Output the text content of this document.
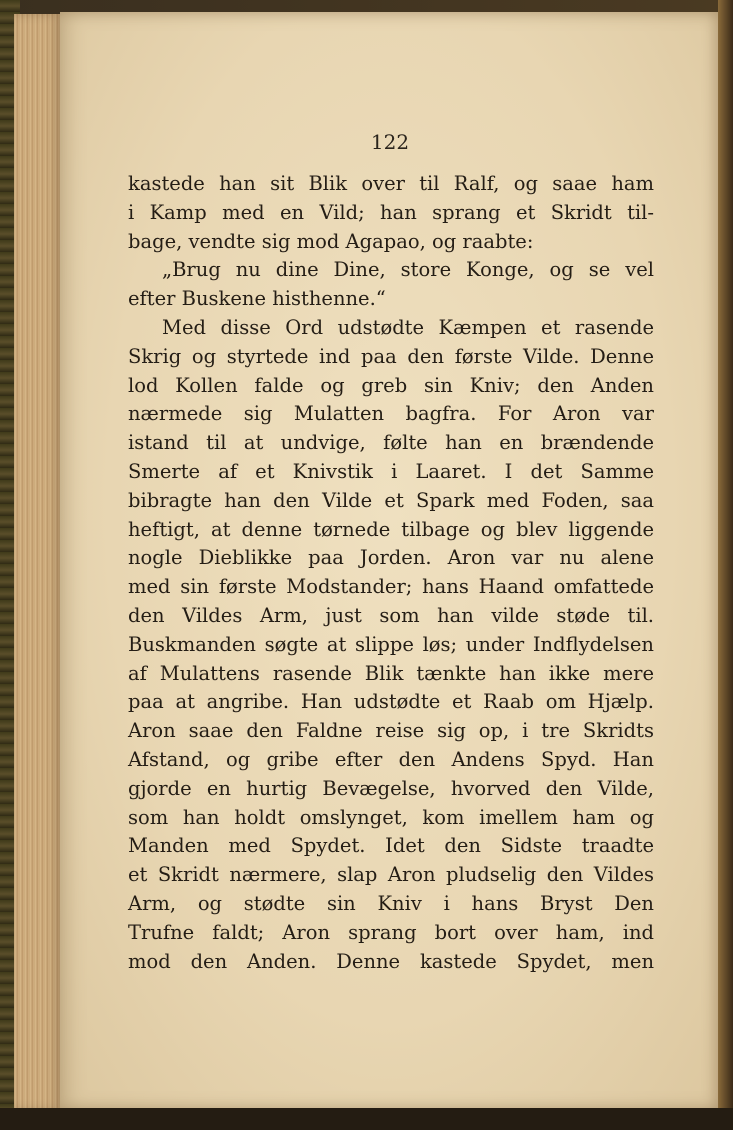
122
kastede han sit Blik over til Ralf, og saae ham
i Kamp med en Vild; han sprang et Skridt til-
bage, vendte sig mod Agapao, og raabte:
„Brug nu dine Dine, store Konge, og se vel
efter Buskene histhenne.“
Med disse Ord udstødte Kæmpen et rasende
Skrig og styrtede ind paa den første Vilde. Denne
lod Kollen falde og greb sin Kniv; den Anden
nærmede sig Mulatten bagfra. For Aron var
istand til at undvige, følte han en brændende
Smerte af et Knivstik i Laaret. I det Samme
bibragte han den Vilde et Spark med Foden, saa
heftigt, at denne tørnede tilbage og blev liggende
nogle Dieblikke paa Jorden. Aron var nu alene
med sin første Modstander; hans Haand omfattede
den Vildes Arm, just som han vilde støde til.
Buskmanden søgte at slippe løs; under Indflydelsen
af Mulattens rasende Blik tænkte han ikke mere
paa at angribe. Han udstødte et Raab om Hjælp.
Aron saae den Faldne reise sig op, i tre Skridts
Afstand, og gribe efter den Andens Spyd. Han
gjorde en hurtig Bevægelse, hvorved den Vilde,
som han holdt omslynget, kom imellem ham og
Manden med Spydet. Idet den Sidste traadte
et Skridt nærmere, slap Aron pludselig den Vildes
Arm, og stødte sin Kniv i hans Bryst Den
Trufne faldt; Aron sprang bort over ham, ind
mod den Anden. Denne kastede Spydet, men
